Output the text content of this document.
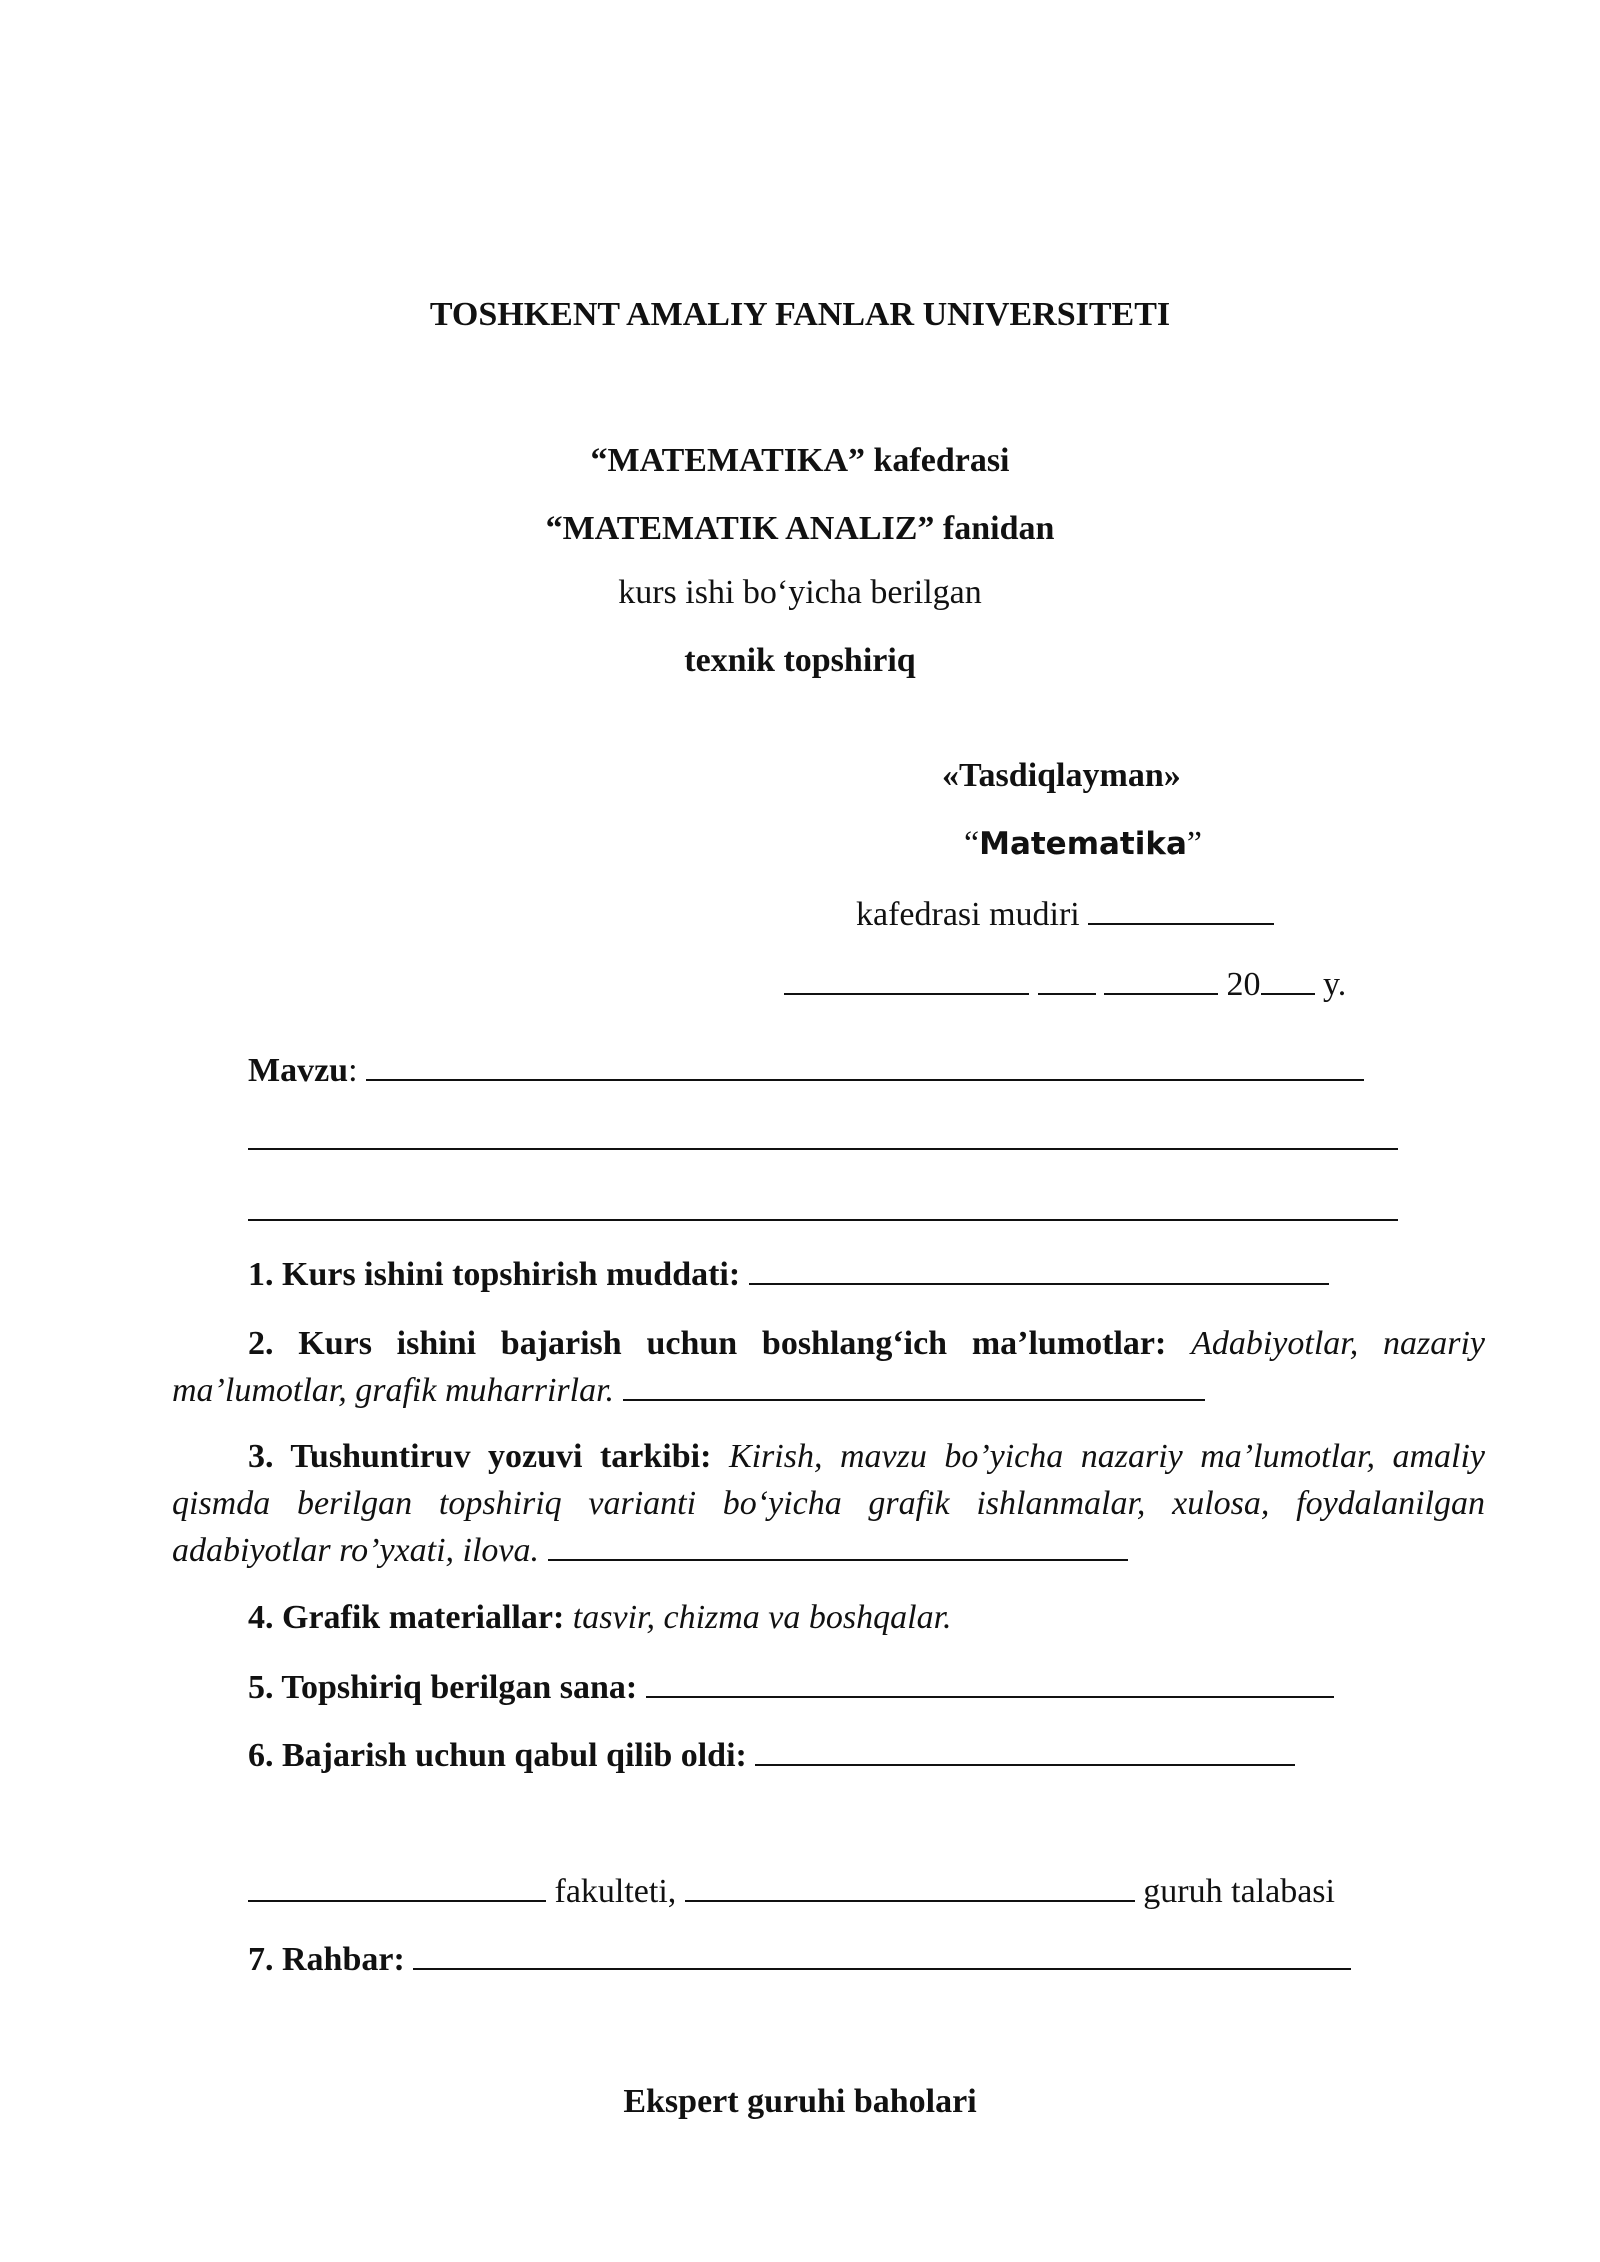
TOSHKENT AMALIY FANLAR UNIVERSITETI
“MATEMATIKA” kafedrasi
“MATEMATIK ANALIZ” fanidan
kurs ishi bo‘yicha berilgan
texnik topshiriq
«Tasdiqlayman»
“Matematika”
kafedrasi mudiri
20 y.
Mavzu:
1. Kurs ishini topshirish muddati:
2. Kurs ishini bajarish uchun boshlang‘ich ma’lumotlar: Adabiyotlar, nazariy ma’lumotlar, grafik muharrirlar.
3. Tushuntiruv yozuvi tarkibi: Kirish, mavzu bo’yicha nazariy ma’lumotlar, amaliy qismda berilgan topshiriq varianti bo‘yicha grafik ishlanmalar, xulosa, foydalanilgan adabiyotlar ro’yxati, ilova.
4. Grafik materiallar: tasvir, chizma va boshqalar.
5. Topshiriq berilgan sana:
6. Bajarish uchun qabul qilib oldi:
fakulteti,	guruh talabasi
7. Rahbar:
Ekspert guruhi baholari
